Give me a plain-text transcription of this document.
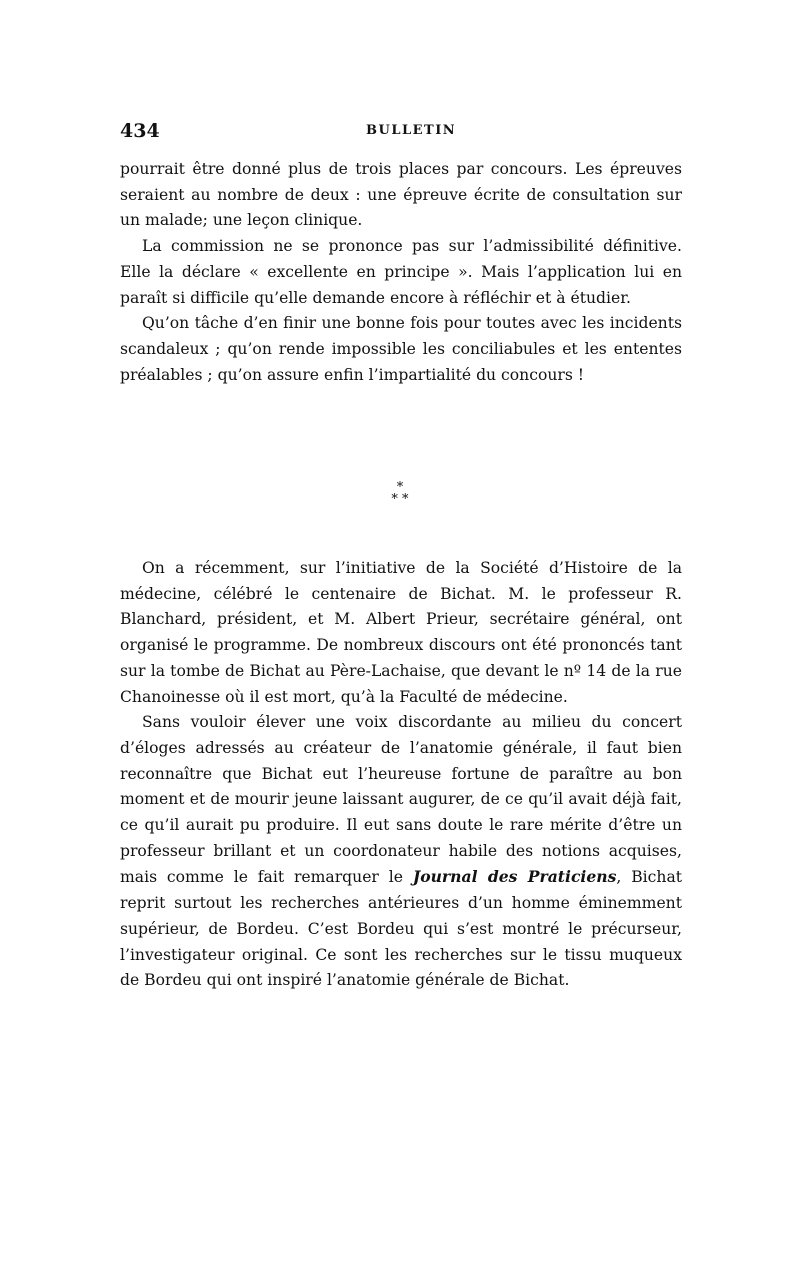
434	BULLETIN

pourrait être donné plus de trois places par concours. Les épreuves seraient au nombre de deux : une épreuve écrite de consultation sur un malade; une leçon clinique.

La commission ne se prononce pas sur l’admissibilité définitive. Elle la déclare « excellente en principe ». Mais l’application lui en paraît si difficile qu’elle demande encore à réfléchir et à étudier.

Qu’on tâche d’en finir une bonne fois pour toutes avec les incidents scandaleux ; qu’on rende impossible les conciliabules et les ententes préalables ; qu’on assure enfin l’impartialité du concours !

*
* *

On a récemment, sur l’initiative de la Société d’Histoire de la médecine, célébré le centenaire de Bichat. M. le professeur R. Blanchard, président, et M. Albert Prieur, secrétaire général, ont organisé le programme. De nombreux discours ont été prononcés tant sur la tombe de Bichat au Père-Lachaise, que devant le nº 14 de la rue Chanoinesse où il est mort, qu’à la Faculté de médecine.

Sans vouloir élever une voix discordante au milieu du concert d’éloges adressés au créateur de l’anatomie générale, il faut bien reconnaître que Bichat eut l’heureuse fortune de paraître au bon moment et de mourir jeune laissant augurer, de ce qu’il avait déjà fait, ce qu’il aurait pu produire. Il eut sans doute le rare mérite d’être un professeur brillant et un coordonateur habile des notions acquises, mais comme le fait remarquer le Journal des Praticiens, Bichat reprit surtout les recherches antérieures d’un homme éminemment supérieur, de Bordeu. C’est Bordeu qui s’est montré le précurseur, l’investigateur original. Ce sont les recherches sur le tissu muqueux de Bordeu qui ont inspiré l’anatomie générale de Bichat.
